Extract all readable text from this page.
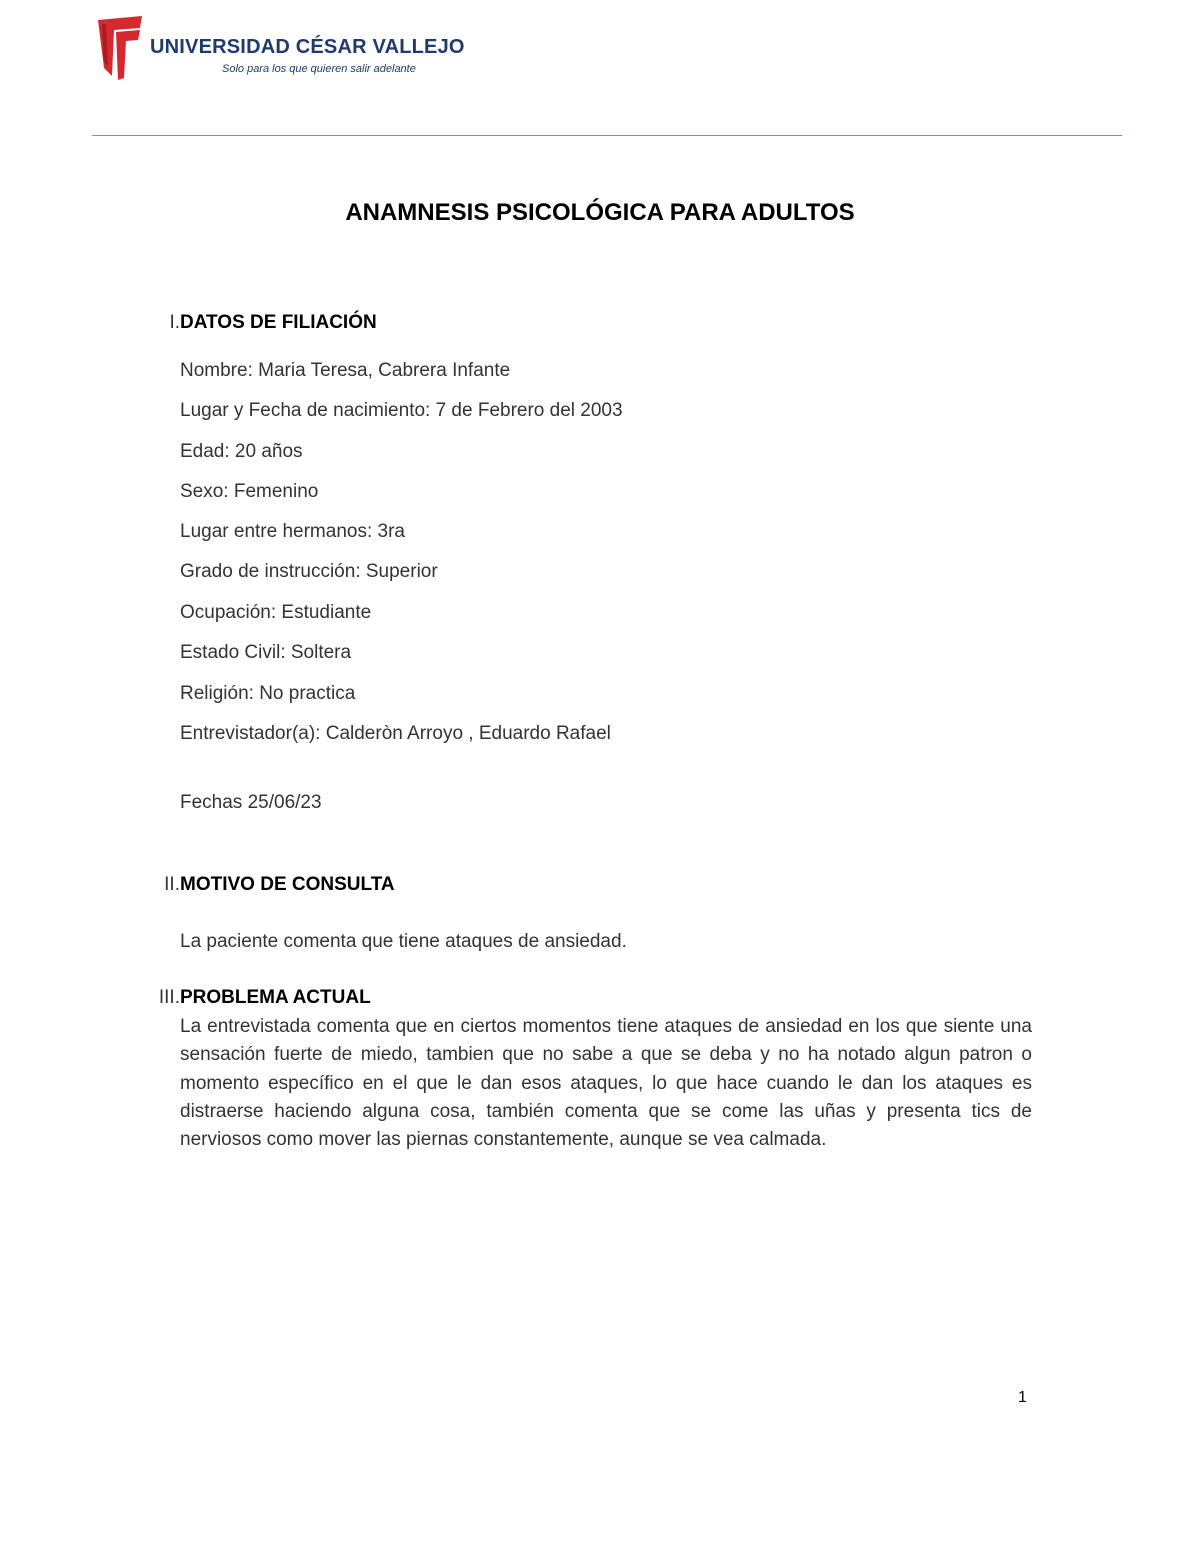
UNIVERSIDAD CÉSAR VALLEJO
Solo para los que quieren salir adelante
ANAMNESIS PSICOLÓGICA PARA ADULTOS
I. DATOS DE FILIACIÓN
Nombre: Maria Teresa, Cabrera Infante
Lugar y Fecha de nacimiento: 7 de Febrero del 2003
Edad: 20 años
Sexo: Femenino
Lugar entre hermanos: 3ra
Grado de instrucción: Superior
Ocupación: Estudiante
Estado Civil: Soltera
Religión: No practica
Entrevistador(a): Calderòn Arroyo , Eduardo Rafael
Fechas 25/06/23
II. MOTIVO DE CONSULTA
La paciente comenta que tiene ataques de ansiedad.
III. PROBLEMA ACTUAL
La entrevistada comenta que en ciertos momentos tiene ataques de ansiedad en los que siente una sensación fuerte de miedo, tambien que no sabe a que se deba y no ha notado algun patron o momento específico en el que le dan esos ataques, lo que hace cuando le dan los ataques es distraerse haciendo alguna cosa, también comenta que se come las uñas y presenta tics de nerviosos como mover las piernas constantemente, aunque se vea calmada.
1
